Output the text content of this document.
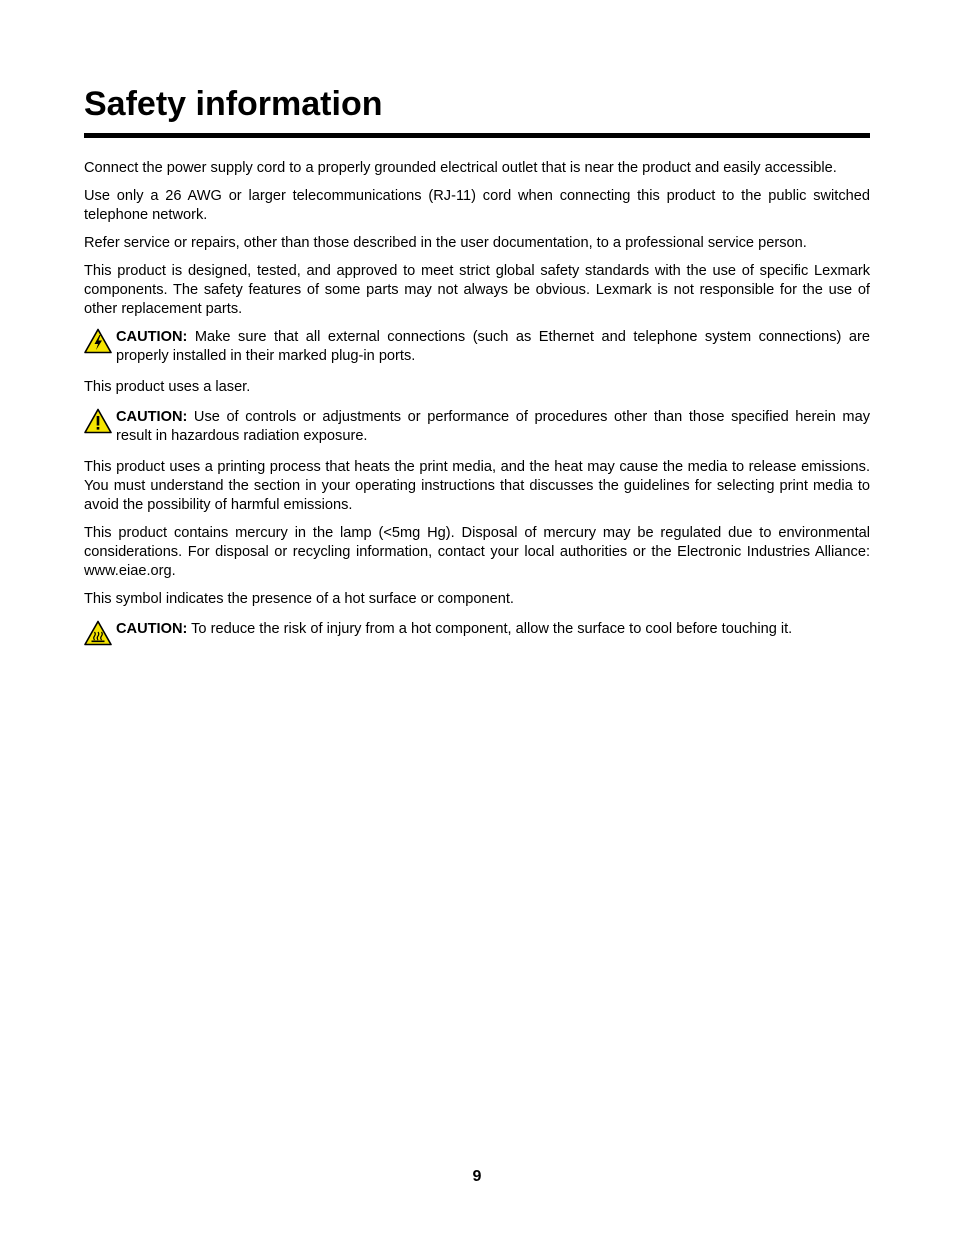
Safety information

Connect the power supply cord to a properly grounded electrical outlet that is near the product and easily accessible.

Use only a 26 AWG or larger telecommunications (RJ-11) cord when connecting this product to the public switched telephone network.

Refer service or repairs, other than those described in the user documentation, to a professional service person.

This product is designed, tested, and approved to meet strict global safety standards with the use of specific Lexmark components. The safety features of some parts may not always be obvious. Lexmark is not responsible for the use of other replacement parts.

CAUTION: Make sure that all external connections (such as Ethernet and telephone system connections) are properly installed in their marked plug-in ports.

This product uses a laser.

CAUTION: Use of controls or adjustments or performance of procedures other than those specified herein may result in hazardous radiation exposure.

This product uses a printing process that heats the print media, and the heat may cause the media to release emissions. You must understand the section in your operating instructions that discusses the guidelines for selecting print media to avoid the possibility of harmful emissions.

This product contains mercury in the lamp (<5mg Hg). Disposal of mercury may be regulated due to environmental considerations. For disposal or recycling information, contact your local authorities or the Electronic Industries Alliance: www.eiae.org.

This symbol indicates the presence of a hot surface or component.

CAUTION: To reduce the risk of injury from a hot component, allow the surface to cool before touching it.

9
